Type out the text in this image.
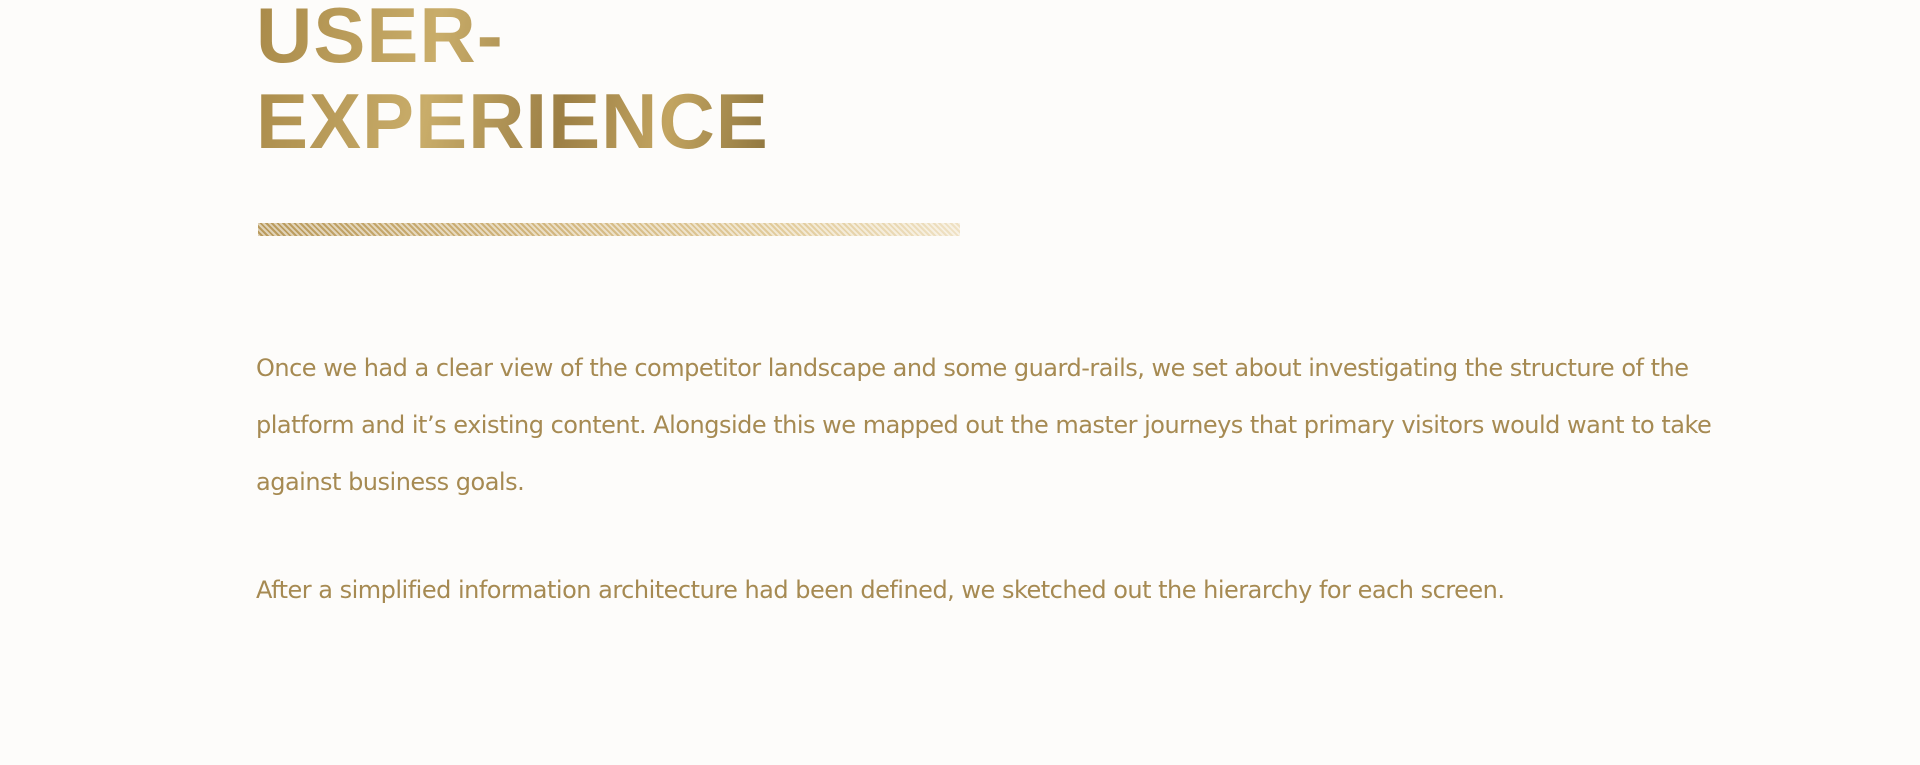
USER-
EXPERIENCE

Once we had a clear view of the competitor landscape and some guard-rails, we set about investigating the structure of the platform and it’s existing content. Alongside this we mapped out the master journeys that primary visitors would want to take against business goals.

After a simplified information architecture had been defined, we sketched out the hierarchy for each screen.
